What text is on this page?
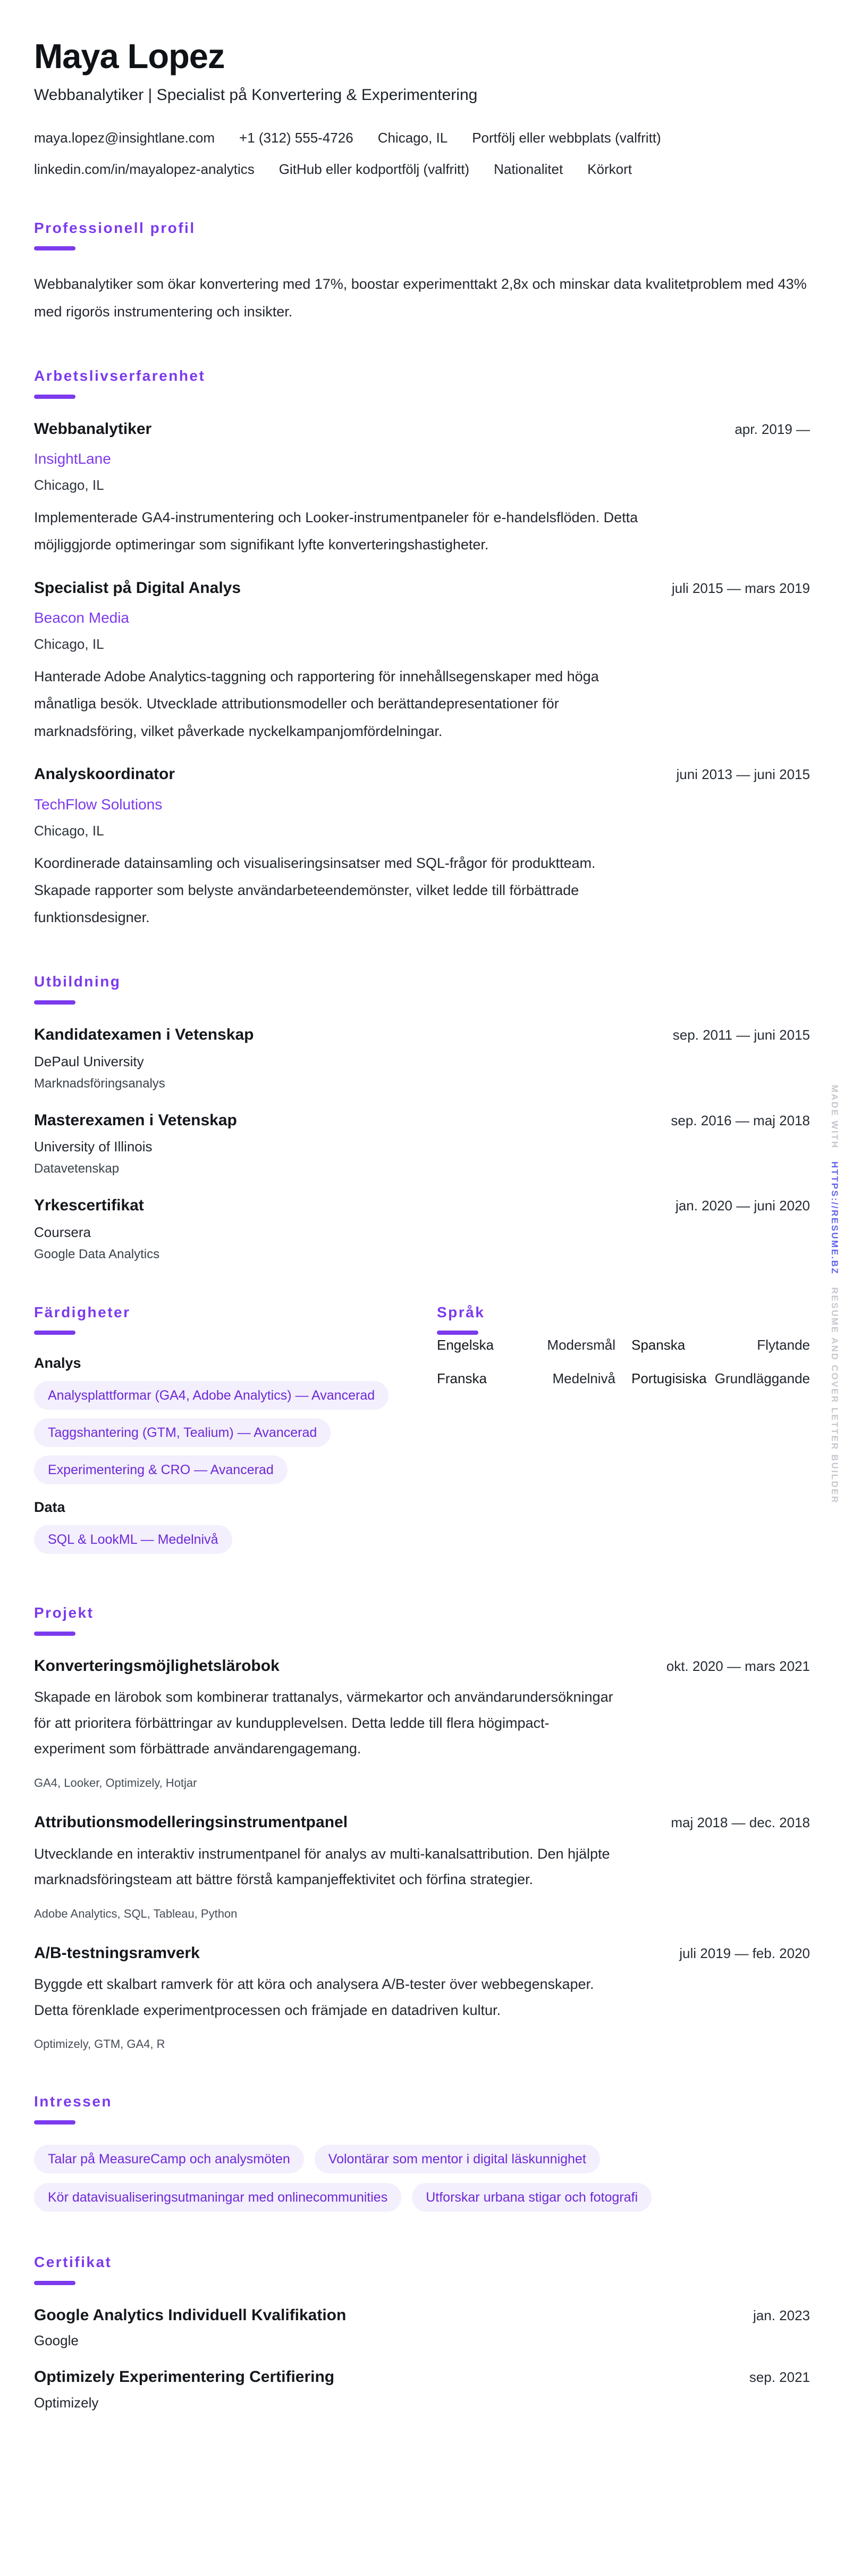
Maya Lopez
Webbanalytiker | Specialist på Konvertering & Experimentering
maya.lopez@insightlane.com +1 (312) 555-4726 Chicago, IL Portfölj eller webbplats (valfritt)
linkedin.com/in/mayalopez-analytics GitHub eller kodportfölj (valfritt) Nationalitet Körkort
Professionell profil

Webbanalytiker som ökar konvertering med 17%, boostar experimenttakt 2,8x och minskar data kvalitetproblem med 43% med rigorös instrumentering och insikter.

Arbetslivserfarenhet
Webbanalytiker	apr. 2019 —
InsightLane
Chicago, IL

Implementerade GA4-instrumentering och Looker-instrumentpaneler för e-handelsflöden. Detta möjliggjorde optimeringar som signifikant lyfte konverteringshastigheter.

Specialist på Digital Analys	juli 2015 — mars 2019
Beacon Media
Chicago, IL

Hanterade Adobe Analytics-taggning och rapportering för innehållsegenskaper med höga månatliga besök. Utvecklade attributionsmodeller och berättandepresentationer för marknadsföring, vilket påverkade nyckelkampanjomfördelningar.

Analyskoordinator	juni 2013 — juni 2015
TechFlow Solutions
Chicago, IL

Koordinerade datainsamling och visualiseringsinsatser med SQL-frågor för produktteam. Skapade rapporter som belyste användarbeteendemönster, vilket ledde till förbättrade funktionsdesigner.

Utbildning
Kandidatexamen i Vetenskap	sep. 2011 — juni 2015
DePaul University
Marknadsföringsanalys
Masterexamen i Vetenskap	sep. 2016 — maj 2018
University of Illinois
Datavetenskap
Yrkescertifikat	jan. 2020 — juni 2020
Coursera
Google Data Analytics
Färdigheter
Analys
Analysplattformar (GA4, Adobe Analytics) — Avancerad
Taggshantering (GTM, Tealium) — Avancerad
Experimentering & CRO — Avancerad
Data
SQL & LookML — Medelnivå
Språk
Engelska	Modersmål Spanska	Flytande
Franska	Medelnivå Portugisiska Grundläggande
Projekt
Konverteringsmöjlighetslärobok	okt. 2020 — mars 2021

Skapade en lärobok som kombinerar trattanalys, värmekartor och användarundersökningar för att prioritera förbättringar av kundupplevelsen. Detta ledde till flera högimpact-experiment som förbättrade användarengagemang.

GA4, Looker, Optimizely, Hotjar
Attributionsmodelleringsinstrumentpanel	maj 2018 — dec. 2018

Utvecklande en interaktiv instrumentpanel för analys av multi-kanalsattribution. Den hjälpte marknadsföringsteam att bättre förstå kampanjeffektivitet och förfina strategier.

Adobe Analytics, SQL, Tableau, Python
A/B-testningsramverk	juli 2019 — feb. 2020

Byggde ett skalbart ramverk för att köra och analysera A/B-tester över webbegenskaper. Detta förenklade experimentprocessen och främjade en datadriven kultur.

Optimizely, GTM, GA4, R
Intressen
Talar på MeasureCamp och analysmöten	Volontärar som mentor i digital läskunnighet
Kör datavisualiseringsutmaningar med onlinecommunities	Utforskar urbana stigar och fotografi
Certifikat
Google Analytics Individuell Kvalifikation	jan. 2023
Google
Optimizely Experimentering Certifiering	sep. 2021
Optimizely
MADE WITH HTTPS://RESUME.BZ RESUME AND COVER LETTER BUILDER
